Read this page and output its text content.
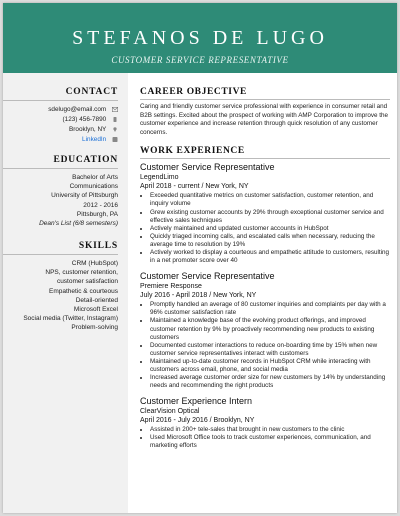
STEFANOS DE LUGO
CUSTOMER SERVICE REPRESENTATIVE
CONTACT
sdelugo@email.com
(123) 456-7890
Brooklyn, NY
LinkedIn
EDUCATION
Bachelor of Arts
Communications
University of Pittsburgh
2012 - 2016
Pittsburgh, PA
Dean's List (6/8 semesters)
SKILLS
CRM (HubSpot)
NPS, customer retention,
customer satisfaction
Empathetic & courteous
Detail-oriented
Microsoft Excel
Social media (Twitter, Instagram)
Problem-solving
CAREER OBJECTIVE
Caring and friendly customer service professional with experience in consumer retail and B2B settings. Excited about the prospect of working with AMP Corporation to improve the customer experience and increase retention through quick resolution of any customer concerns.
WORK EXPERIENCE
Customer Service Representative
LegendLimo
April 2018 - current / New York, NY
• Exceeded quantitative metrics on customer satisfaction, customer retention, and inquiry volume
• Grew existing customer accounts by 29% through exceptional customer service and effective sales techniques
• Actively maintained and updated customer accounts in HubSpot
• Quickly triaged incoming calls, and escalated calls when necessary, reducing the average time to resolution by 19%
• Actively worked to display a courteous and empathetic attitude to customers, resulting in a net promoter score over 40
Customer Service Representative
Premiere Response
July 2016 - April 2018 / New York, NY
• Promptly handled an average of 80 customer inquiries and complaints per day with a 96% customer satisfaction rate
• Maintained a knowledge base of the evolving product offerings, and improved customer retention by 9% by proactively recommending new products to existing customers
• Documented customer interactions to reduce on-boarding time by 15% when new customer service representatives interact with customers
• Maintained up-to-date customer records in HubSpot CRM while interacting with customers across email, phone, and social media
• Increased average customer order size for new customers by 14% by understanding needs and recommending the right products
Customer Experience Intern
ClearVision Optical
April 2016 - July 2016 / Brooklyn, NY
• Assisted in 200+ tele-sales that brought in new customers to the clinic
• Used Microsoft Office tools to track customer experiences, communication, and marketing efforts
